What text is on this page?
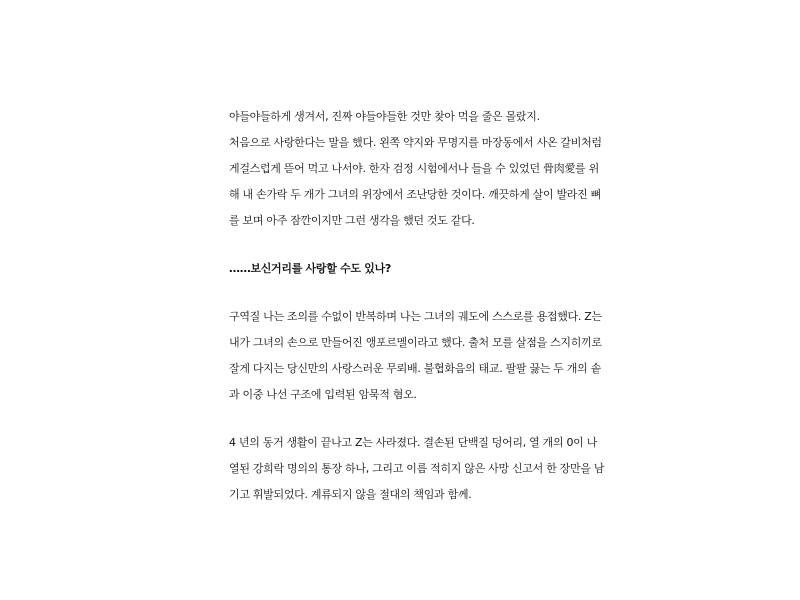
야들야들하게 생겨서, 진짜 야들야들한 것만 찾아 먹을 줄은 몰랐지.
처음으로 사랑한다는 말을 했다. 왼쪽 약지와 무명지를 마장동에서 사온 갈비처럼
게걸스럽게 뜯어 먹고 나서야. 한자 검정 시험에서나 들을 수 있었던 骨肉愛를 위
해 내 손가락 두 개가 그녀의 위장에서 조난당한 것이다. 깨끗하게 살이 발라진 뼈
를 보며 아주 잠깐이지만 그런 생각을 했던 것도 같다.
……보신거리를 사랑할 수도 있나?
구역질 나는 조의를 수없이 반복하며 나는 그녀의 궤도에 스스로를 용접했다. Z는
내가 그녀의 손으로 만들어진 앵포르멜이라고 했다. 출처 모를 살점을 스지히끼로
잘게 다지는 당신만의 사랑스러운 무뢰배. 불협화음의 태교. 팔팔 끓는 두 개의 솥
과 이중 나선 구조에 입력된 암묵적 혐오.
4 년의 동거 생활이 끝나고 Z는 사라졌다. 결손된 단백질 덩어리, 열 개의 0이 나
열된 강희락 명의의 통장 하나, 그리고 이름 적히지 않은 사망 신고서 한 장만을 남
기고 휘발되었다. 계류되지 않을 절대의 책임과 함께.
